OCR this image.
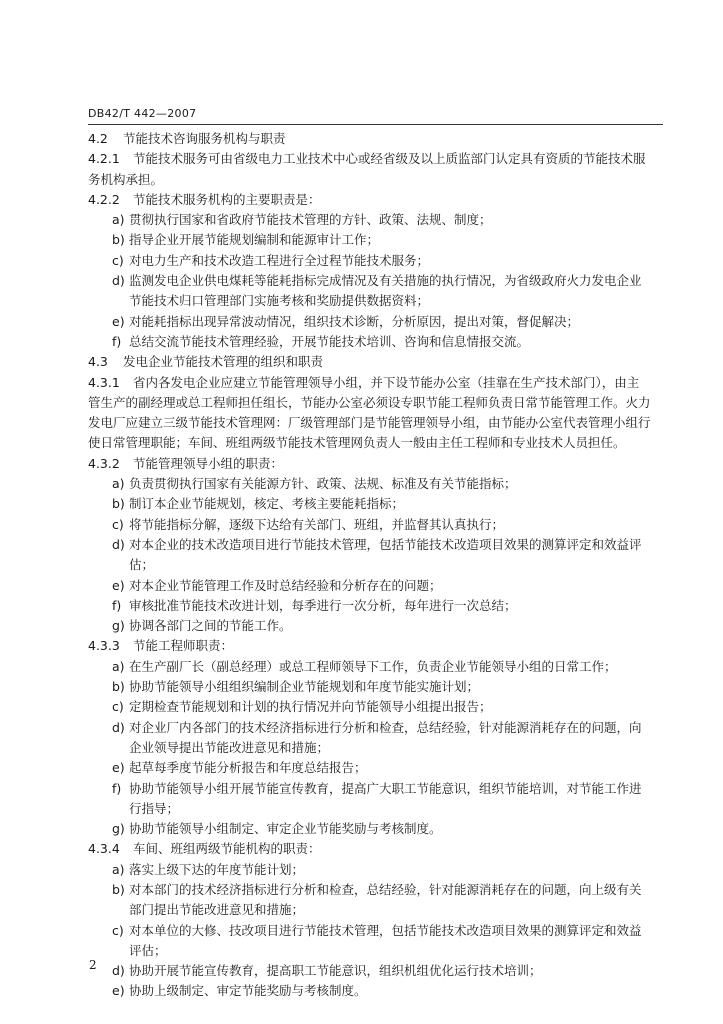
DB42/T 442—2007
4.2 节能技术咨询服务机构与职责
4.2.1 节能技术服务可由省级电力工业技术中心或经省级及以上质监部门认定具有资质的节能技术服
务机构承担。
4.2.2 节能技术服务机构的主要职责是：
a) 贯彻执行国家和省政府节能技术管理的方针、政策、法规、制度；
b) 指导企业开展节能规划编制和能源审计工作；
c) 对电力生产和技术改造工程进行全过程节能技术服务；
d) 监测发电企业供电煤耗等能耗指标完成情况及有关措施的执行情况，为省级政府火力发电企业
节能技术归口管理部门实施考核和奖励提供数据资料；
e) 对能耗指标出现异常波动情况，组织技术诊断，分析原因，提出对策，督促解决；
f) 总结交流节能技术管理经验，开展节能技术培训、咨询和信息情报交流。
4.3 发电企业节能技术管理的组织和职责
4.3.1 省内各发电企业应建立节能管理领导小组，并下设节能办公室（挂靠在生产技术部门），由主
管生产的副经理或总工程师担任组长，节能办公室必须设专职节能工程师负责日常节能管理工作。火力
发电厂应建立三级节能技术管理网：厂级管理部门是节能管理领导小组，由节能办公室代表管理小组行
使日常管理职能；车间、班组两级节能技术管理网负责人一般由主任工程师和专业技术人员担任。
4.3.2 节能管理领导小组的职责：
a) 负责贯彻执行国家有关能源方针、政策、法规、标准及有关节能指标；
b) 制订本企业节能规划，核定、考核主要能耗指标；
c) 将节能指标分解，逐级下达给有关部门、班组，并监督其认真执行；
d) 对本企业的技术改造项目进行节能技术管理，包括节能技术改造项目效果的测算评定和效益评
估；
e) 对本企业节能管理工作及时总结经验和分析存在的问题；
f) 审核批准节能技术改进计划，每季进行一次分析，每年进行一次总结；
g) 协调各部门之间的节能工作。
4.3.3 节能工程师职责：
a) 在生产副厂长（副总经理）或总工程师领导下工作，负责企业节能领导小组的日常工作；
b) 协助节能领导小组组织编制企业节能规划和年度节能实施计划；
c) 定期检查节能规划和计划的执行情况并向节能领导小组提出报告；
d) 对企业厂内各部门的技术经济指标进行分析和检查，总结经验，针对能源消耗存在的问题，向
企业领导提出节能改进意见和措施；
e) 起草每季度节能分析报告和年度总结报告；
f) 协助节能领导小组开展节能宣传教育，提高广大职工节能意识，组织节能培训，对节能工作进
行指导；
g) 协助节能领导小组制定、审定企业节能奖励与考核制度。
4.3.4 车间、班组两级节能机构的职责：
a) 落实上级下达的年度节能计划；
b) 对本部门的技术经济指标进行分析和检查，总结经验，针对能源消耗存在的问题，向上级有关
部门提出节能改进意见和措施；
c) 对本单位的大修、技改项目进行节能技术管理，包括节能技术改造项目效果的测算评定和效益
评估；
d) 协助开展节能宣传教育，提高职工节能意识，组织机组优化运行技术培训；
e) 协助上级制定、审定节能奖励与考核制度。
2
